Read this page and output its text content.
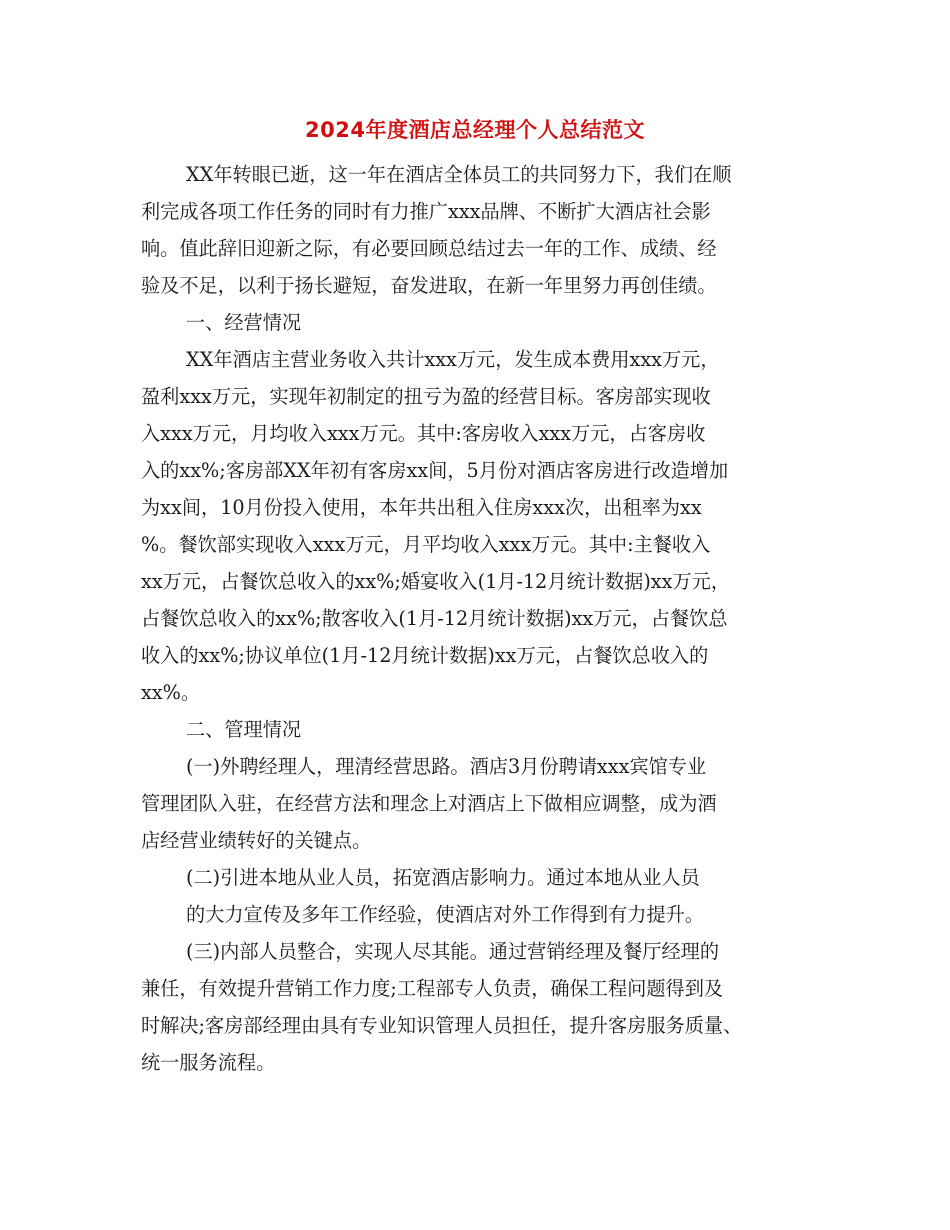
2024年度酒店总经理个人总结范文
XX年转眼已逝，这一年在酒店全体员工的共同努力下，我们在顺
利完成各项工作任务的同时有力推广xxx品牌、不断扩大酒店社会影
响。值此辞旧迎新之际，有必要回顾总结过去一年的工作、成绩、经
验及不足，以利于扬长避短，奋发进取，在新一年里努力再创佳绩。
一、经营情况
XX年酒店主营业务收入共计xxx万元，发生成本费用xxx万元，
盈利xxx万元，实现年初制定的扭亏为盈的经营目标。客房部实现收
入xxx万元，月均收入xxx万元。其中:客房收入xxx万元，占客房收
入的xx%;客房部XX年初有客房xx间，5月份对酒店客房进行改造增加
为xx间，10月份投入使用，本年共出租入住房xxx次，出租率为xx
%。餐饮部实现收入xxx万元，月平均收入xxx万元。其中:主餐收入
xx万元，占餐饮总收入的xx%;婚宴收入(1月-12月统计数据)xx万元，
占餐饮总收入的xx%;散客收入(1月-12月统计数据)xx万元，占餐饮总
收入的xx%;协议单位(1月-12月统计数据)xx万元，占餐饮总收入的
xx%。
二、管理情况
(一)外聘经理人，理清经营思路。酒店3月份聘请xxx宾馆专业
管理团队入驻，在经营方法和理念上对酒店上下做相应调整，成为酒
店经营业绩转好的关键点。
(二)引进本地从业人员，拓宽酒店影响力。通过本地从业人员
的大力宣传及多年工作经验，使酒店对外工作得到有力提升。
(三)内部人员整合，实现人尽其能。通过营销经理及餐厅经理的
兼任，有效提升营销工作力度;工程部专人负责，确保工程问题得到及
时解决;客房部经理由具有专业知识管理人员担任，提升客房服务质量、
统一服务流程。
